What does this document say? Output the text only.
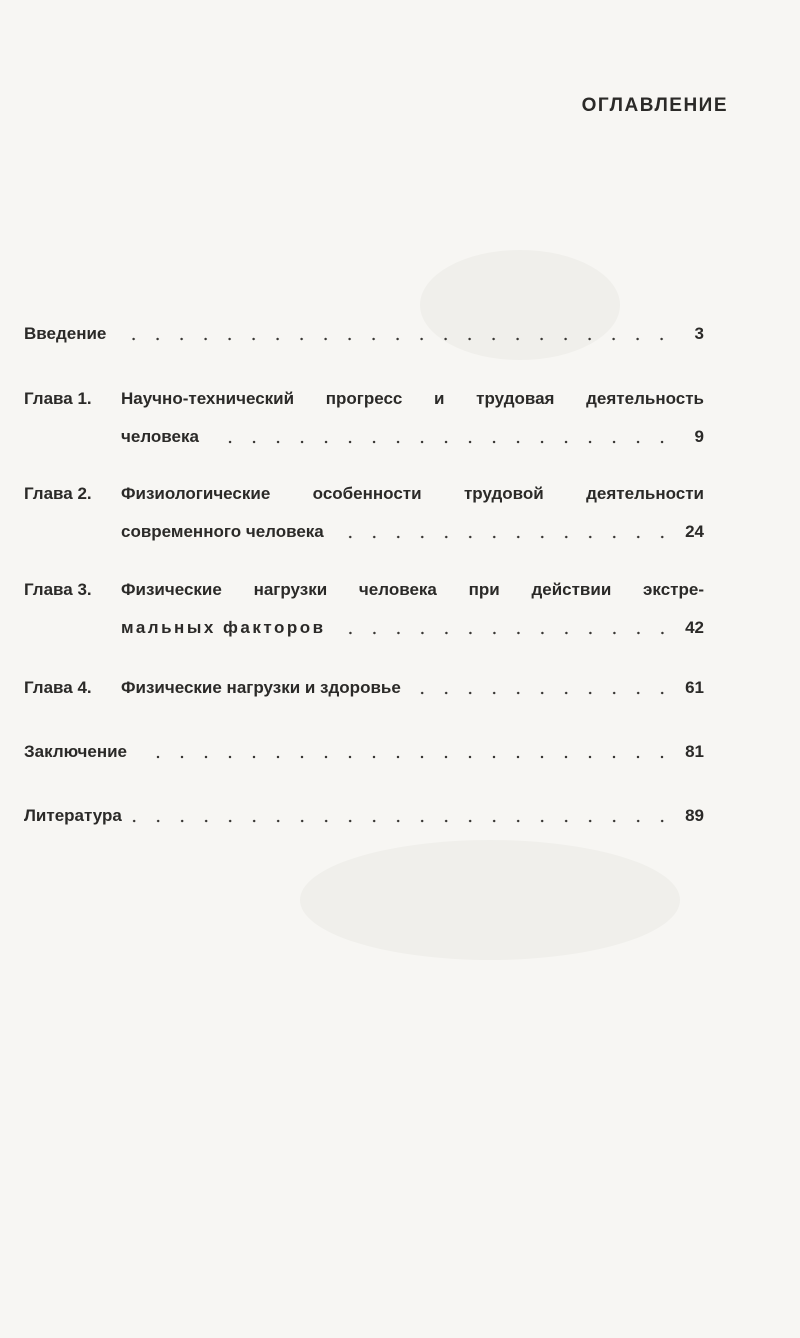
ОГЛАВЛЕНИЕ
Введение	3
Глава 1.	Научно-технический прогресс и трудовая деятельность
человека	9
Глава 2.	Физиологические особенности трудовой деятельности
современного человека	24
Глава 3.	Физические нагрузки человека при действии экстре-
мальных факторов	42
Глава 4.	Физические нагрузки и здоровье	61
Заключение	81
Литература	89
